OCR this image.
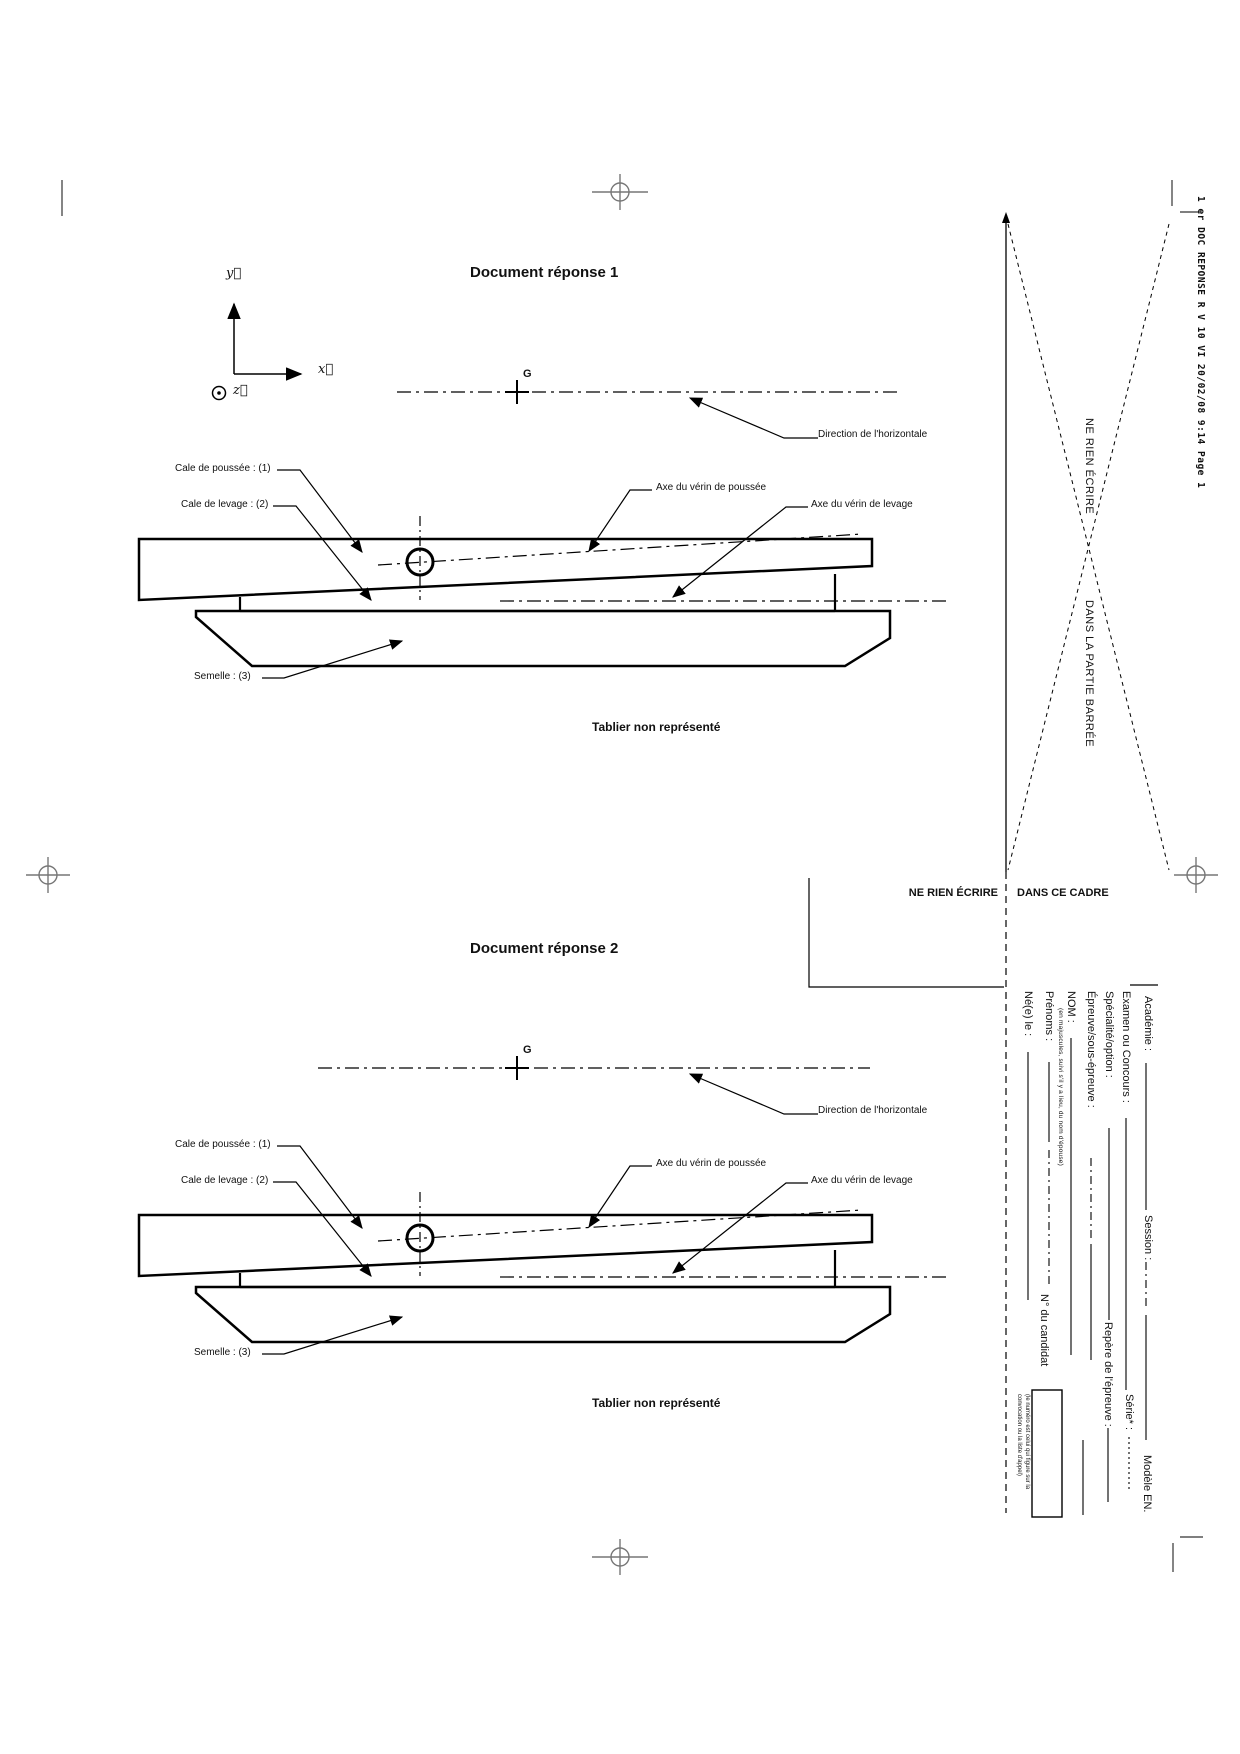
Document réponse 1
y⃗
x⃗
z⃗
G
Direction de l'horizontale
Cale de poussée : (1)
Cale de levage : (2)
Axe du vérin de poussée
Axe du vérin de levage
Semelle : (3)
Tablier non représenté
Document réponse 2
G
Direction de l'horizontale
Cale de poussée : (1)
Cale de levage : (2)
Axe du vérin de poussée
Axe du vérin de levage
Semelle : (3)
Tablier non représenté
NE RIEN ÉCRIRE DANS CE CADRE
NE RIEN ÉCRIRE
DANS LA PARTIE BARRÉE
1 er DOC REPONSE R V 10 VI 20/02/08 9:14 Page 1
Académie :
Session :
Modèle EN.
Examen ou Concours :
Série* :
Spécialité/option :
Repère de l'épreuve :
Épreuve/sous-épreuve :
NOM :
(en majuscules, suivi s'il y a lieu, du nom d'épouse)
Prénoms :
N° du candidat
Né(e) le :
(le numéro est celui qui figure sur la
convocation ou la liste d'appel)
